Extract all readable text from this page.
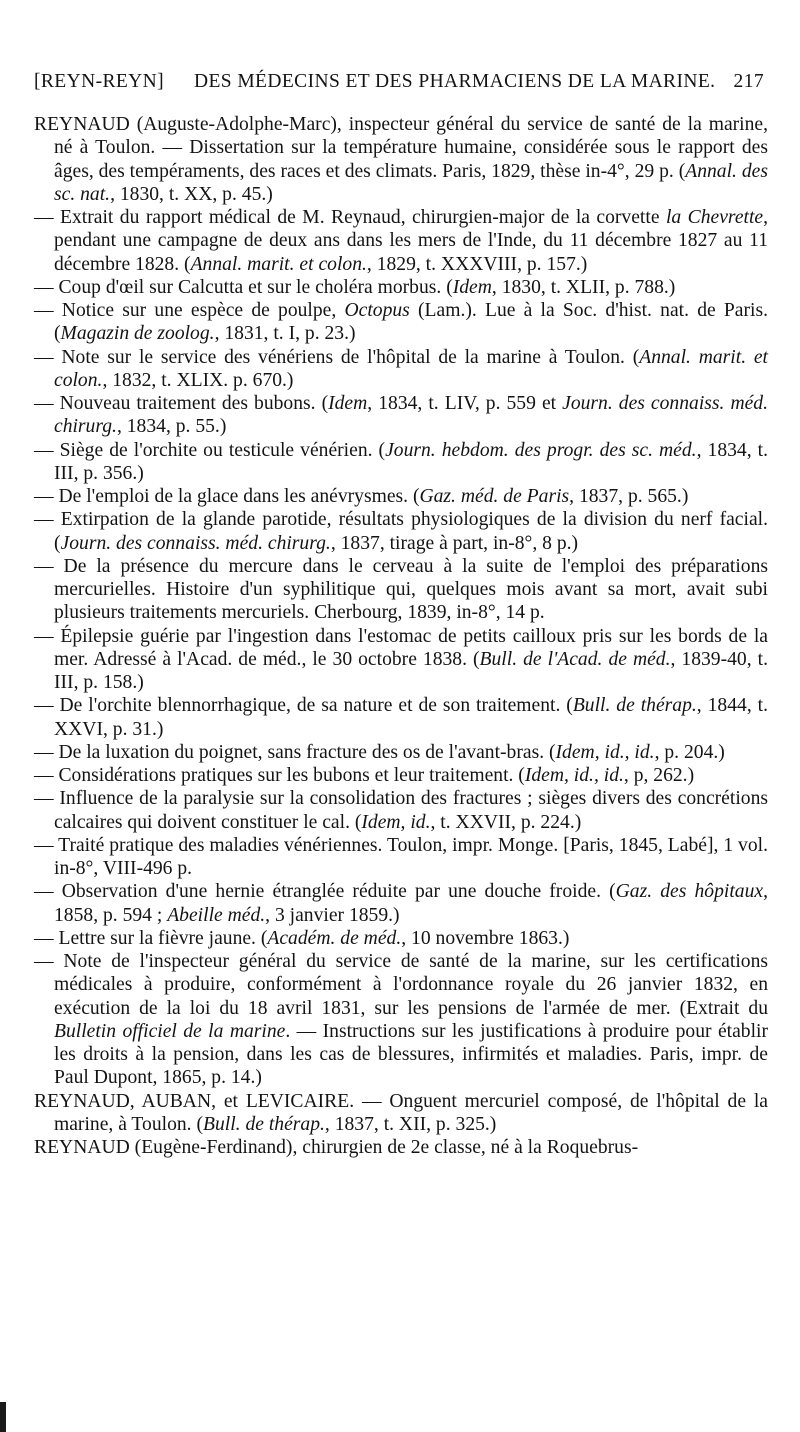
[REYN-REYN] DES MÉDECINS ET DES PHARMACIENS DE LA MARINE. 217

REYNAUD (Auguste-Adolphe-Marc), inspecteur général du service de santé de la marine, né à Toulon. — Dissertation sur la température humaine, considérée sous le rapport des âges, des tempéraments, des races et des climats. Paris, 1829, thèse in-4°, 29 p. (Annal. des sc. nat., 1830, t. XX, p. 45.)

— Extrait du rapport médical de M. Reynaud, chirurgien-major de la corvette la Chevrette, pendant une campagne de deux ans dans les mers de l'Inde, du 11 décembre 1827 au 11 décembre 1828. (Annal. marit. et colon., 1829, t. XXXVIII, p. 157.)

— Coup d'œil sur Calcutta et sur le choléra morbus. (Idem, 1830, t. XLII, p. 788.)

— Notice sur une espèce de poulpe, Octopus (Lam.). Lue à la Soc. d'hist. nat. de Paris. (Magazin de zoolog., 1831, t. I, p. 23.)

— Note sur le service des vénériens de l'hôpital de la marine à Toulon. (Annal. marit. et colon., 1832, t. XLIX. p. 670.)

— Nouveau traitement des bubons. (Idem, 1834, t. LIV, p. 559 et Journ. des connaiss. méd. chirurg., 1834, p. 55.)

— Siège de l'orchite ou testicule vénérien. (Journ. hebdom. des progr. des sc. méd., 1834, t. III, p. 356.)

— De l'emploi de la glace dans les anévrysmes. (Gaz. méd. de Paris, 1837, p. 565.)

— Extirpation de la glande parotide, résultats physiologiques de la division du nerf facial. (Journ. des connaiss. méd. chirurg., 1837, tirage à part, in-8°, 8 p.)

— De la présence du mercure dans le cerveau à la suite de l'emploi des préparations mercurielles. Histoire d'un syphilitique qui, quelques mois avant sa mort, avait subi plusieurs traitements mercuriels. Cherbourg, 1839, in-8°, 14 p.

— Épilepsie guérie par l'ingestion dans l'estomac de petits cailloux pris sur les bords de la mer. Adressé à l'Acad. de méd., le 30 octobre 1838. (Bull. de l'Acad. de méd., 1839-40, t. III, p. 158.)

— De l'orchite blennorrhagique, de sa nature et de son traitement. (Bull. de thérap., 1844, t. XXVI, p. 31.)

— De la luxation du poignet, sans fracture des os de l'avant-bras. (Idem, id., id., p. 204.)

— Considérations pratiques sur les bubons et leur traitement. (Idem, id., id., p, 262.)

— Influence de la paralysie sur la consolidation des fractures ; sièges divers des concrétions calcaires qui doivent constituer le cal. (Idem, id., t. XXVII, p. 224.)

— Traité pratique des maladies vénériennes. Toulon, impr. Monge. [Paris, 1845, Labé], 1 vol. in-8°, VIII-496 p.

— Observation d'une hernie étranglée réduite par une douche froide. (Gaz. des hôpitaux, 1858, p. 594 ; Abeille méd., 3 janvier 1859.)

— Lettre sur la fièvre jaune. (Académ. de méd., 10 novembre 1863.)

— Note de l'inspecteur général du service de santé de la marine, sur les certifications médicales à produire, conformément à l'ordonnance royale du 26 janvier 1832, en exécution de la loi du 18 avril 1831, sur les pensions de l'armée de mer. (Extrait du Bulletin officiel de la marine. — Instructions sur les justifications à produire pour établir les droits à la pension, dans les cas de blessures, infirmités et maladies. Paris, impr. de Paul Dupont, 1865, p. 14.)

REYNAUD, AUBAN, et LEVICAIRE. — Onguent mercuriel composé, de l'hôpital de la marine, à Toulon. (Bull. de thérap., 1837, t. XII, p. 325.)

REYNAUD (Eugène-Ferdinand), chirurgien de 2e classe, né à la Roquebrus-
